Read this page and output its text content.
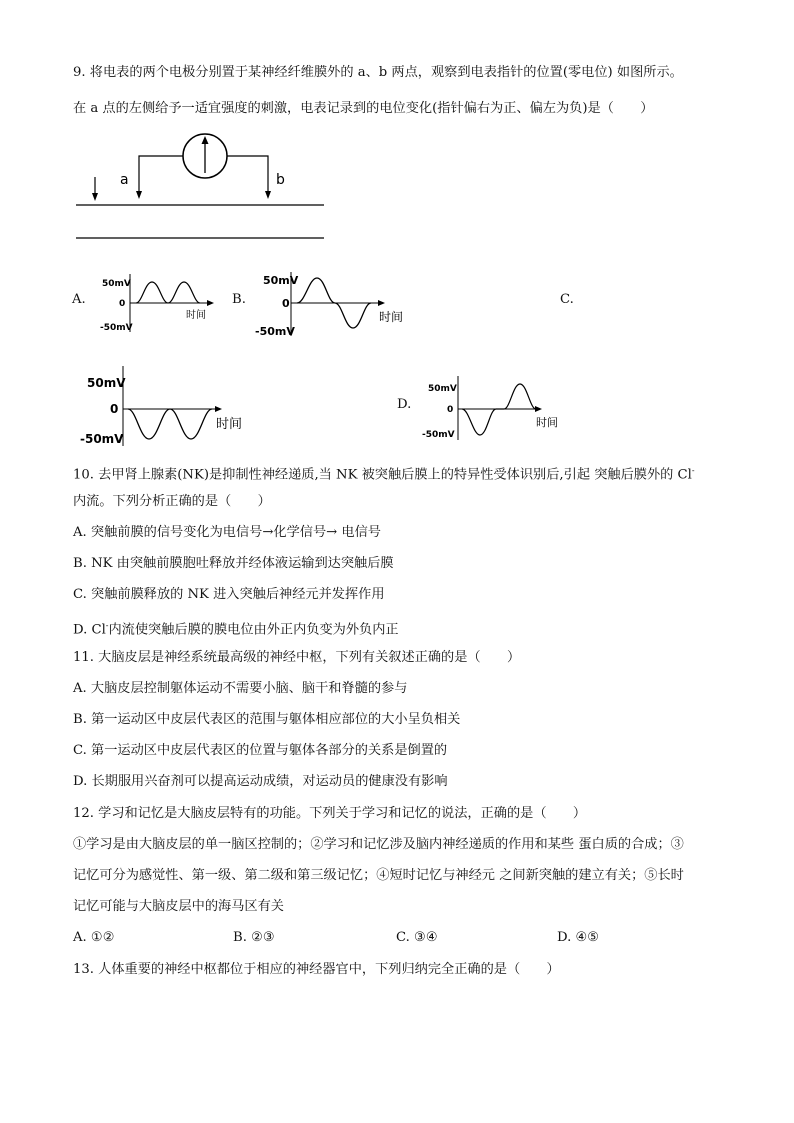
9. 将电表的两个电极分别置于某神经纤维膜外的 a、b 两点，观察到电表指针的位置(零电位) 如图所示。
在 a 点的左侧给予一适宜强度的刺激，电表记录到的电位变化(指针偏右为正、偏左为负)是（　　）
a	b
A.	B.	C.
D.
50mV
0
-50mV
时间
50mV
0
-50mV
时间
50mV
0
-50mV
时间
50mV
0
-50mV
时间
10. 去甲肾上腺素(NK)是抑制性神经递质,当 NK 被突触后膜上的特异性受体识别后,引起 突触后膜外的 Cl-
内流。下列分析正确的是（　　）
A. 突触前膜的信号变化为电信号→化学信号→ 电信号
B. NK 由突触前膜胞吐释放并经体液运输到达突触后膜
C. 突触前膜释放的 NK 进入突触后神经元并发挥作用
D. Cl-内流使突触后膜的膜电位由外正内负变为外负内正
11. 大脑皮层是神经系统最高级的神经中枢，下列有关叙述正确的是（　　）
A. 大脑皮层控制躯体运动不需要小脑、脑干和脊髓的参与
B. 第一运动区中皮层代表区的范围与躯体相应部位的大小呈负相关
C. 第一运动区中皮层代表区的位置与躯体各部分的关系是倒置的
D. 长期服用兴奋剂可以提高运动成绩，对运动员的健康没有影响
12. 学习和记忆是大脑皮层特有的功能。下列关于学习和记忆的说法，正确的是（　　）
①学习是由大脑皮层的单一脑区控制的；②学习和记忆涉及脑内神经递质的作用和某些 蛋白质的合成；③
记忆可分为感觉性、第一级、第二级和第三级记忆；④短时记忆与神经元 之间新突触的建立有关；⑤长时
记忆可能与大脑皮层中的海马区有关
A. ①②	B. ②③	C. ③④	D. ④⑤
13. 人体重要的神经中枢都位于相应的神经器官中，下列归纳完全正确的是（　　）
